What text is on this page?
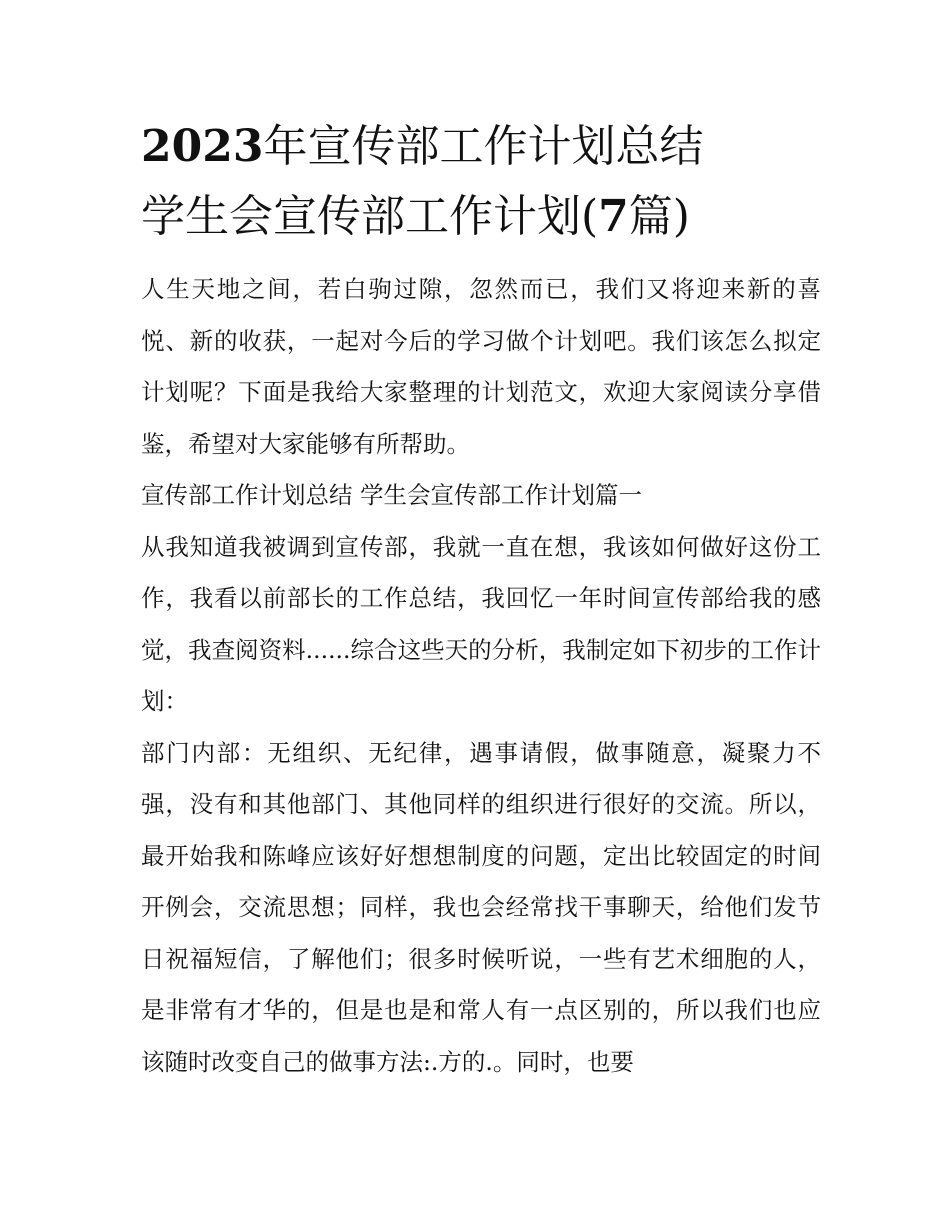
2023年宣传部工作计划总结
学生会宣传部工作计划(7篇)

人生天地之间，若白驹过隙，忽然而已，我们又将迎来新的喜悦、新的收获，一起对今后的学习做个计划吧。我们该怎么拟定计划呢？下面是我给大家整理的计划范文，欢迎大家阅读分享借鉴，希望对大家能够有所帮助。

宣传部工作计划总结 学生会宣传部工作计划篇一

从我知道我被调到宣传部，我就一直在想，我该如何做好这份工作，我看以前部长的工作总结，我回忆一年时间宣传部给我的感觉，我查阅资料......综合这些天的分析，我制定如下初步的工作计划：

部门内部：无组织、无纪律，遇事请假，做事随意，凝聚力不强，没有和其他部门、其他同样的组织进行很好的交流。所以，最开始我和陈峰应该好好想想制度的问题，定出比较固定的时间开例会，交流思想；同样，我也会经常找干事聊天，给他们发节日祝福短信，了解他们；很多时候听说，一些有艺术细胞的人，是非常有才华的，但是也是和常人有一点区别的，所以我们也应该随时改变自己的做事方法:.方的.。同时，也要
